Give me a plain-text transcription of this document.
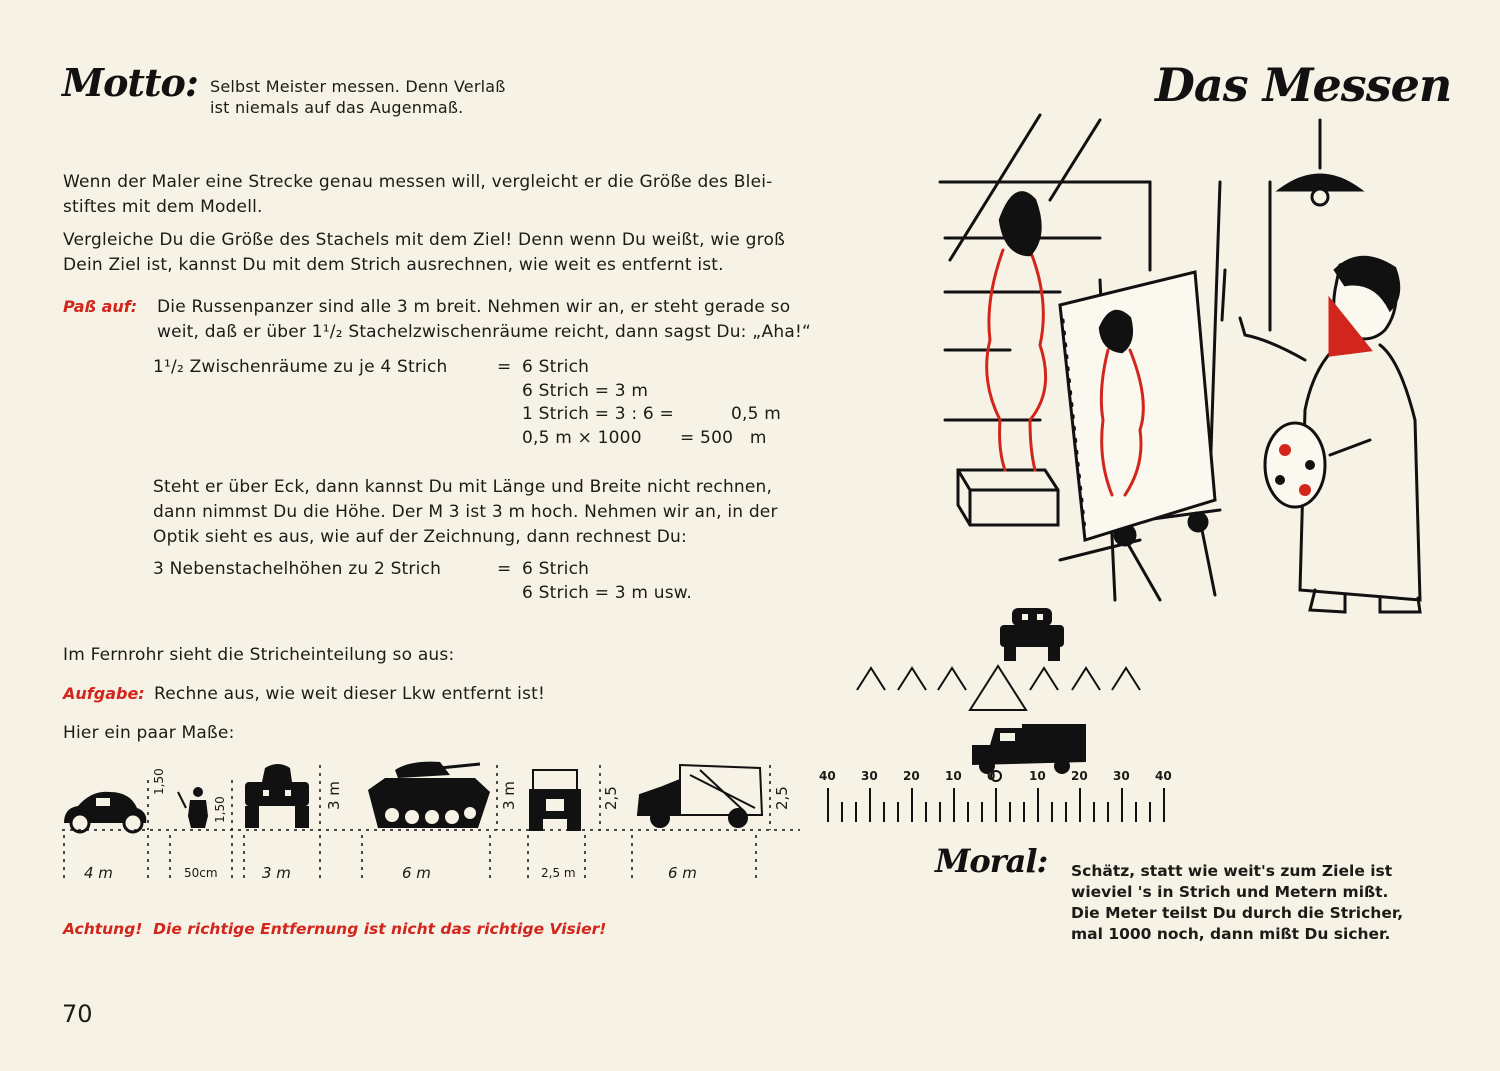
Motto: Selbst Meister messen. Denn Verlaß
ist niemals auf das Augenmaß.	Das Messen
Wenn der Maler eine Strecke genau messen will, vergleicht er die Größe des Blei-
stiftes mit dem Modell.
Vergleiche Du die Größe des Stachels mit dem Ziel! Denn wenn Du weißt, wie groß
Dein Ziel ist, kannst Du mit dem Strich ausrechnen, wie weit es entfernt ist.
Paß auf: Die Russenpanzer sind alle 3 m breit. Nehmen wir an, er steht gerade so
weit, daß er über 1¹/₂ Stachelzwischenräume reicht, dann sagst Du: „Aha!“
1¹/₂ Zwischenräume zu je 4 Strich	= 6 Strich
6 Strich = 3 m
1 Strich = 3 : 6 =	0,5 m
0,5 m × 1000 = 500   m
Steht er über Eck, dann kannst Du mit Länge und Breite nicht rechnen,
dann nimmst Du die Höhe. Der M 3 ist 3 m hoch. Nehmen wir an, in der
Optik sieht es aus, wie auf der Zeichnung, dann rechnest Du:
3 Nebenstachelhöhen zu 2 Strich	= 6 Strich
6 Strich = 3 m usw.
Im Fernrohr sieht die Stricheinteilung so aus:
Aufgabe: Rechne aus, wie weit dieser Lkw entfernt ist!
Hier ein paar Maße:
1,50
1,50	3 m	3 m	2,5	2,5
4 m	50cm	3 m	6 m	2,5 m	6 m
40 30 20 10 0	10 20 30 40
Achtung!  Die richtige Entfernung ist nicht das richtige Visier!
Moral: Schätz, statt wie weit's zum Ziele ist
wieviel 's in Strich und Metern mißt.
Die Meter teilst Du durch die Stricher,
mal 1000 noch, dann mißt Du sicher.
70
